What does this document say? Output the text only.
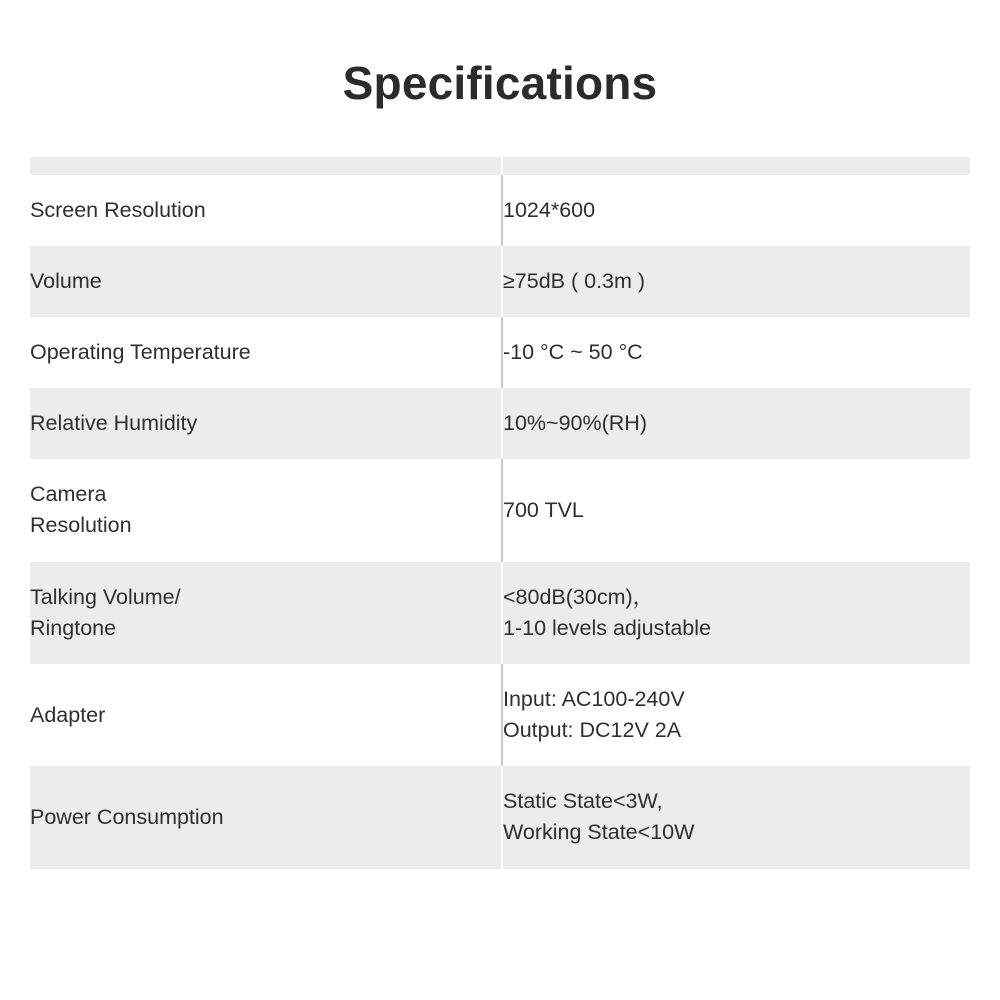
Specifications

Screen Resolution	1024*600

Volume	≥75dB ( 0.3m )

Operating Temperature	-10 °C ~ 50 °C

Relative Humidity	10%~90%(RH)

Camera
Resolution	700 TVL

Talking Volume/
Ringtone	<80dB(30cm)，
1-10 levels adjustable

Adapter	Input: AC100-240V
Output: DC12V 2A

Power Consumption	Static State<3W,
Working State<10W
